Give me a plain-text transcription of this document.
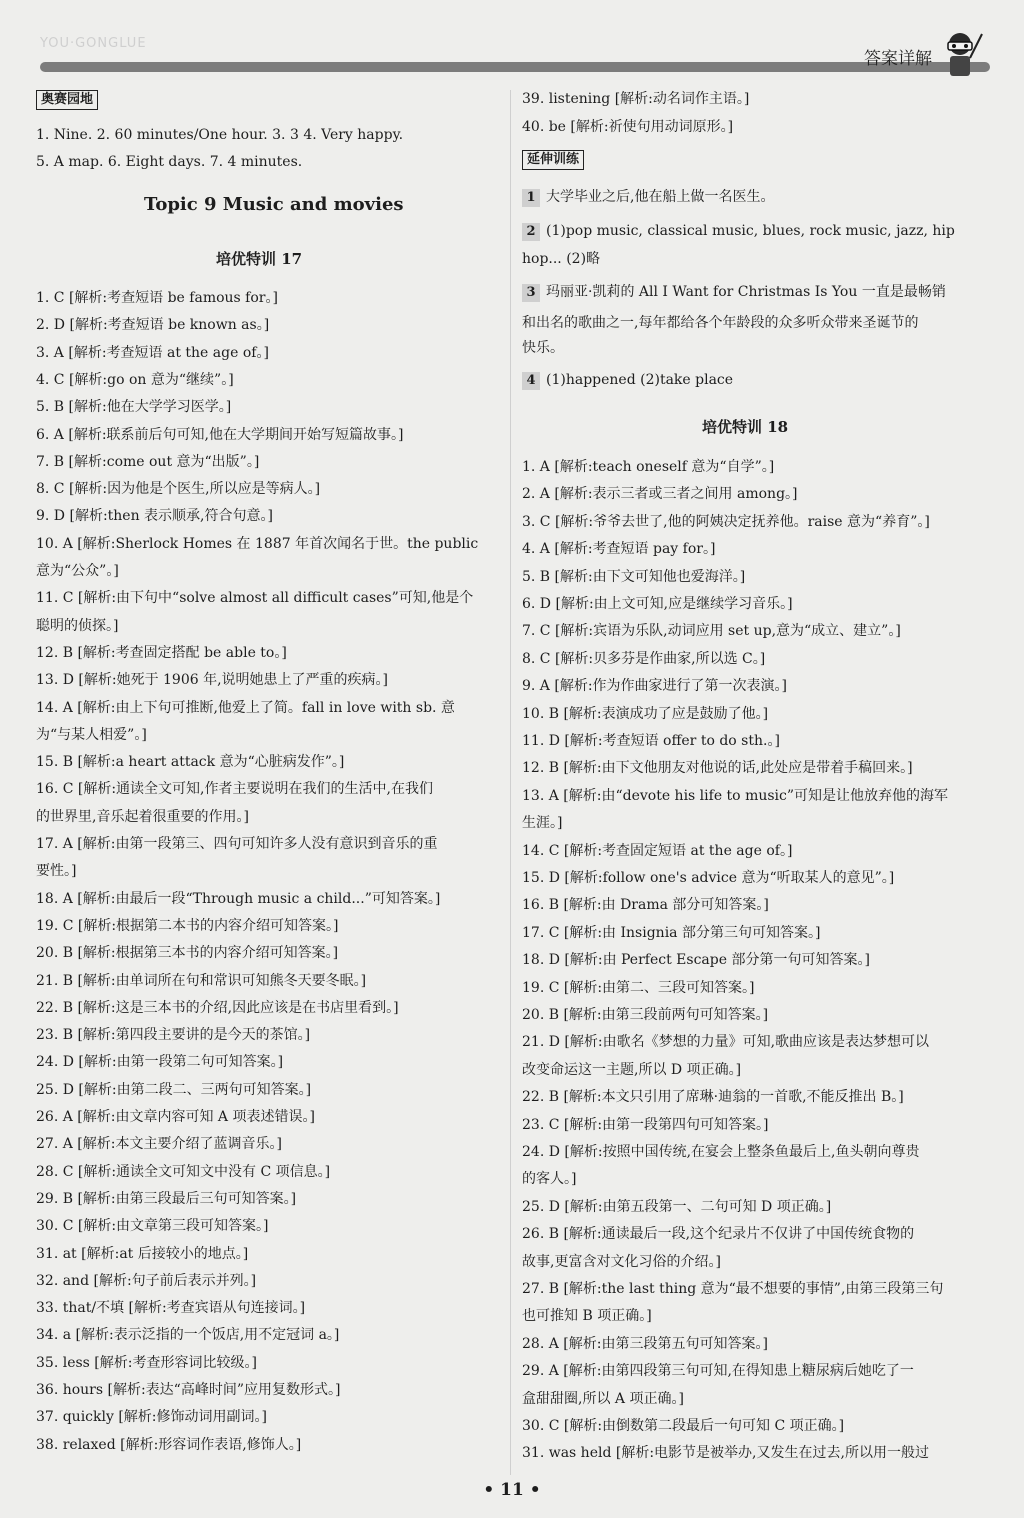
YOU·GONGLUE
答案详解
奥赛园地
1. Nine. 2. 60 minutes/One hour. 3. 3 4. Very happy.
5. A map. 6. Eight days. 7. 4 minutes.
Topic 9 Music and movies
培优特训 17
1. C [解析:考查短语 be famous for。]
2. D [解析:考查短语 be known as。]
3. A [解析:考查短语 at the age of。]
4. C [解析:go on 意为“继续”。]
5. B [解析:他在大学学习医学。]
6. A [解析:联系前后句可知,他在大学期间开始写短篇故事。]
7. B [解析:come out 意为“出版”。]
8. C [解析:因为他是个医生,所以应是等病人。]
9. D [解析:then 表示顺承,符合句意。]
10. A [解析:Sherlock Homes 在 1887 年首次闻名于世。the public
意为“公众”。]
11. C [解析:由下句中“solve almost all difficult cases”可知,他是个
聪明的侦探。]
12. B [解析:考查固定搭配 be able to。]
13. D [解析:她死于 1906 年,说明她患上了严重的疾病。]
14. A [解析:由上下句可推断,他爱上了简。fall in love with sb. 意
为“与某人相爱”。]
15. B [解析:a heart attack 意为“心脏病发作”。]
16. C [解析:通读全文可知,作者主要说明在我们的生活中,在我们
的世界里,音乐起着很重要的作用。]
17. A [解析:由第一段第三、四句可知许多人没有意识到音乐的重
要性。]
18. A [解析:由最后一段“Through music a child...”可知答案。]
19. C [解析:根据第二本书的内容介绍可知答案。]
20. B [解析:根据第三本书的内容介绍可知答案。]
21. B [解析:由单词所在句和常识可知熊冬天要冬眠。]
22. B [解析:这是三本书的介绍,因此应该是在书店里看到。]
23. B [解析:第四段主要讲的是今天的茶馆。]
24. D [解析:由第一段第二句可知答案。]
25. D [解析:由第二段二、三两句可知答案。]
26. A [解析:由文章内容可知 A 项表述错误。]
27. A [解析:本文主要介绍了蓝调音乐。]
28. C [解析:通读全文可知文中没有 C 项信息。]
29. B [解析:由第三段最后三句可知答案。]
30. C [解析:由文章第三段可知答案。]
31. at [解析:at 后接较小的地点。]
32. and [解析:句子前后表示并列。]
33. that/不填 [解析:考查宾语从句连接词。]
34. a [解析:表示泛指的一个饭店,用不定冠词 a。]
35. less [解析:考查形容词比较级。]
36. hours [解析:表达“高峰时间”应用复数形式。]
37. quickly [解析:修饰动词用副词。]
38. relaxed [解析:形容词作表语,修饰人。]
39. listening [解析:动名词作主语。]
40. be [解析:祈使句用动词原形。]
延伸训练
1 大学毕业之后,他在船上做一名医生。
2 (1)pop music, classical music, blues, rock music, jazz, hip
hop... (2)略
3 玛丽亚·凯莉的 All I Want for Christmas Is You 一直是最畅销
和出名的歌曲之一,每年都给各个年龄段的众多听众带来圣诞节的
快乐。
4 (1)happened (2)take place
培优特训 18
1. A [解析:teach oneself 意为“自学”。]
2. A [解析:表示三者或三者之间用 among。]
3. C [解析:爷爷去世了,他的阿姨决定抚养他。raise 意为“养育”。]
4. A [解析:考查短语 pay for。]
5. B [解析:由下文可知他也爱海洋。]
6. D [解析:由上文可知,应是继续学习音乐。]
7. C [解析:宾语为乐队,动词应用 set up,意为“成立、建立”。]
8. C [解析:贝多芬是作曲家,所以选 C。]
9. A [解析:作为作曲家进行了第一次表演。]
10. B [解析:表演成功了应是鼓励了他。]
11. D [解析:考查短语 offer to do sth.。]
12. B [解析:由下文他朋友对他说的话,此处应是带着手稿回来。]
13. A [解析:由“devote his life to music”可知是让他放弃他的海军
生涯。]
14. C [解析:考查固定短语 at the age of。]
15. D [解析:follow one's advice 意为“听取某人的意见”。]
16. B [解析:由 Drama 部分可知答案。]
17. C [解析:由 Insignia 部分第三句可知答案。]
18. D [解析:由 Perfect Escape 部分第一句可知答案。]
19. C [解析:由第二、三段可知答案。]
20. B [解析:由第三段前两句可知答案。]
21. D [解析:由歌名《梦想的力量》可知,歌曲应该是表达梦想可以
改变命运这一主题,所以 D 项正确。]
22. B [解析:本文只引用了席琳·迪翁的一首歌,不能反推出 B。]
23. C [解析:由第一段第四句可知答案。]
24. D [解析:按照中国传统,在宴会上整条鱼最后上,鱼头朝向尊贵
的客人。]
25. D [解析:由第五段第一、二句可知 D 项正确。]
26. B [解析:通读最后一段,这个纪录片不仅讲了中国传统食物的
故事,更富含对文化习俗的介绍。]
27. B [解析:the last thing 意为“最不想要的事情”,由第三段第三句
也可推知 B 项正确。]
28. A [解析:由第三段第五句可知答案。]
29. A [解析:由第四段第三句可知,在得知患上糖尿病后她吃了一
盒甜甜圈,所以 A 项正确。]
30. C [解析:由倒数第二段最后一句可知 C 项正确。]
31. was held [解析:电影节是被举办,又发生在过去,所以用一般过
• 11 •
